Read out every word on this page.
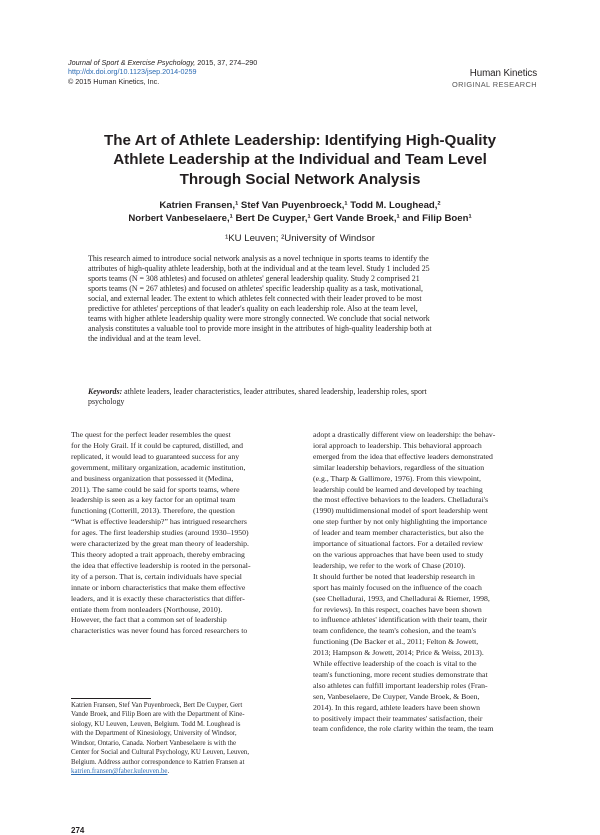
Journal of Sport & Exercise Psychology, 2015, 37, 274–290
http://dx.doi.org/10.1123/jsep.2014-0259
© 2015 Human Kinetics, Inc.
Human Kinetics
ORIGINAL RESEARCH
The Art of Athlete Leadership: Identifying High-Quality
Athlete Leadership at the Individual and Team Level
Through Social Network Analysis
Katrien Fransen,¹ Stef Van Puyenbroeck,¹ Todd M. Loughead,²
Norbert Vanbeselaere,¹ Bert De Cuyper,¹ Gert Vande Broek,¹ and Filip Boen¹
¹KU Leuven; ²University of Windsor
This research aimed to introduce social network analysis as a novel technique in sports teams to identify the
attributes of high-quality athlete leadership, both at the individual and at the team level. Study 1 included 25
sports teams (N = 308 athletes) and focused on athletes' general leadership quality. Study 2 comprised 21
sports teams (N = 267 athletes) and focused on athletes' specific leadership quality as a task, motivational,
social, and external leader. The extent to which athletes felt connected with their leader proved to be most
predictive for athletes' perceptions of that leader's quality on each leadership role. Also at the team level,
teams with higher athlete leadership quality were more strongly connected. We conclude that social network
analysis constitutes a valuable tool to provide more insight in the attributes of high-quality leadership both at
the individual and at the team level.
Keywords: athlete leaders, leader characteristics, leader attributes, shared leadership, leadership roles, sport
psychology
The quest for the perfect leader resembles the quest
for the Holy Grail. If it could be captured, distilled, and
replicated, it would lead to guaranteed success for any
government, military organization, academic institution,
and business organization that possessed it (Medina,
2011). The same could be said for sports teams, where
leadership is seen as a key factor for an optimal team
functioning (Cotterill, 2013). Therefore, the question
“What is effective leadership?” has intrigued researchers
for ages. The first leadership studies (around 1930–1950)
were characterized by the great man theory of leadership.
This theory adopted a trait approach, thereby embracing
the idea that effective leadership is rooted in the personal-
ity of a person. That is, certain individuals have special
innate or inborn characteristics that make them effective
leaders, and it is exactly these characteristics that differ-
entiate them from nonleaders (Northouse, 2010).
However, the fact that a common set of leadership
characteristics was never found has forced researchers to
adopt a drastically different view on leadership: the behav-
ioral approach to leadership. This behavioral approach
emerged from the idea that effective leaders demonstrated
similar leadership behaviors, regardless of the situation
(e.g., Tharp & Gallimore, 1976). From this viewpoint,
leadership could be learned and developed by teaching
the most effective behaviors to the leaders. Chelladurai's
(1990) multidimensional model of sport leadership went
one step further by not only highlighting the importance
of leader and team member characteristics, but also the
importance of situational factors. For a detailed review
on the various approaches that have been used to study
leadership, we refer to the work of Chase (2010).
It should further be noted that leadership research in
sport has mainly focused on the influence of the coach
(see Chelladurai, 1993, and Chelladurai & Riemer, 1998,
for reviews). In this respect, coaches have been shown
to influence athletes' identification with their team, their
team confidence, the team's cohesion, and the team's
functioning (De Backer et al., 2011; Felton & Jowett,
2013; Hampson & Jowett, 2014; Price & Weiss, 2013).
While effective leadership of the coach is vital to the
team's functioning, more recent studies demonstrate that
also athletes can fulfill important leadership roles (Fran-
sen, Vanbeselaere, De Cuyper, Vande Broek, & Boen,
2014). In this regard, athlete leaders have been shown
to positively impact their teammates' satisfaction, their
team confidence, the role clarity within the team, the team
Katrien Fransen, Stef Van Puyenbroeck, Bert De Cuyper, Gert
Vande Broek, and Filip Boen are with the Department of Kine-
siology, KU Leuven, Leuven, Belgium. Todd M. Loughead is
with the Department of Kinesiology, University of Windsor,
Windsor, Ontario, Canada. Norbert Vanbeselaere is with the
Center for Social and Cultural Psychology, KU Leuven, Leuven,
Belgium. Address author correspondence to Katrien Fransen at
katrien.fransen@faber.kuleuven.be.
274
